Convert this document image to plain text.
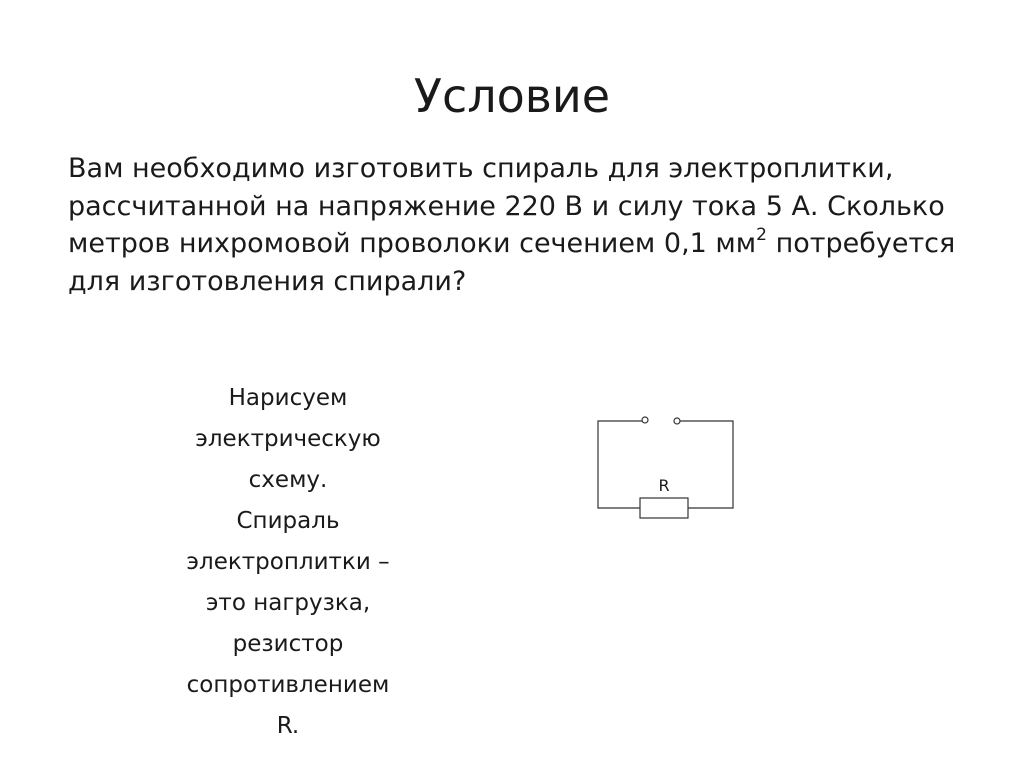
Условие

Вам необходимо изготовить спираль для электроплитки, рассчитанной на напряжение 220 В и силу тока 5 А. Сколько метров нихромовой проволоки сечением 0,1 $мм^2$ потребуется для изготовления спирали?

Нарисуем
электрическую
схему.
Спираль
электроплитки –
это нагрузка,
резистор
сопротивлением
R.
R
